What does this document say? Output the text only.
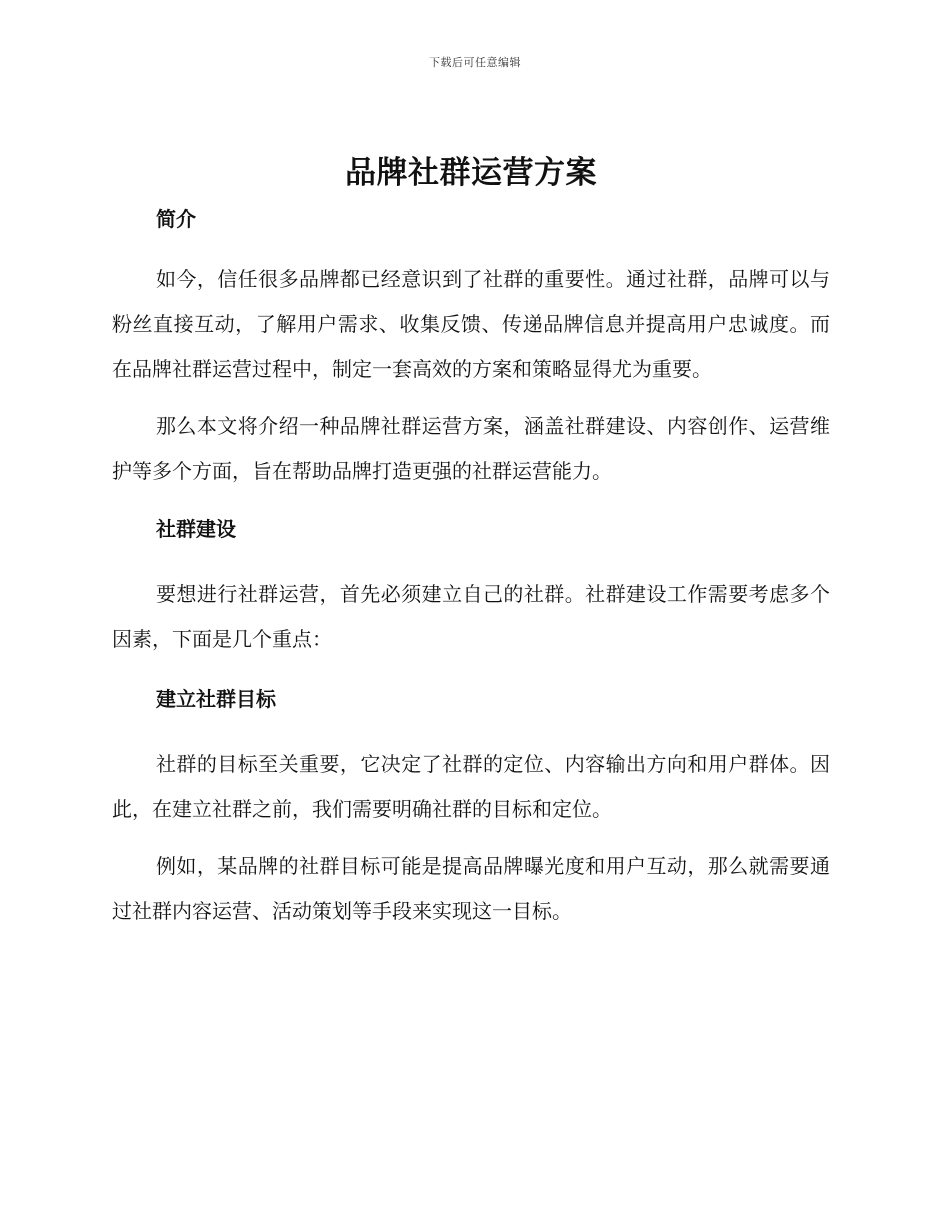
下载后可任意编辑
品牌社群运营方案
简介

如今，信任很多品牌都已经意识到了社群的重要性。通过社群，品牌可以与粉丝直接互动，了解用户需求、收集反馈、传递品牌信息并提高用户忠诚度。而在品牌社群运营过程中，制定一套高效的方案和策略显得尤为重要。

那么本文将介绍一种品牌社群运营方案，涵盖社群建设、内容创作、运营维护等多个方面，旨在帮助品牌打造更强的社群运营能力。

社群建设

要想进行社群运营，首先必须建立自己的社群。社群建设工作需要考虑多个因素，下面是几个重点：

建立社群目标

社群的目标至关重要，它决定了社群的定位、内容输出方向和用户群体。因此，在建立社群之前，我们需要明确社群的目标和定位。

例如，某品牌的社群目标可能是提高品牌曝光度和用户互动，那么就需要通过社群内容运营、活动策划等手段来实现这一目标。
